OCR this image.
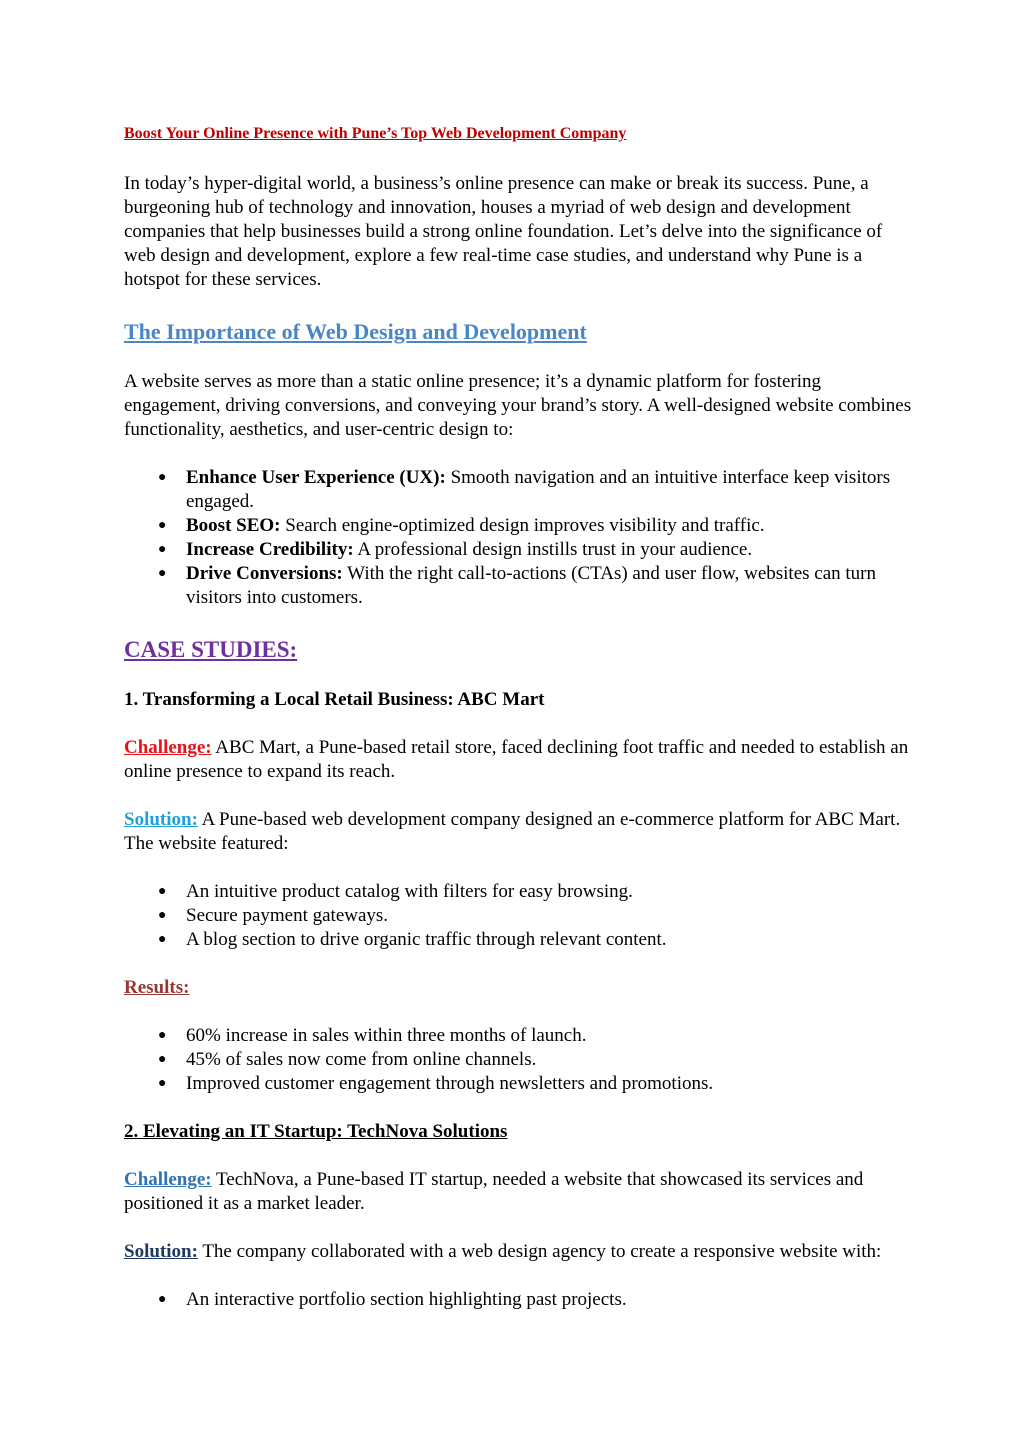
Boost Your Online Presence with Pune’s Top Web Development Company

In today’s hyper-digital world, a business’s online presence can make or break its success. Pune, a burgeoning hub of technology and innovation, houses a myriad of web design and development companies that help businesses build a strong online foundation. Let’s delve into the significance of web design and development, explore a few real-time case studies, and understand why Pune is a hotspot for these services.

The Importance of Web Design and Development

A website serves as more than a static online presence; it’s a dynamic platform for fostering engagement, driving conversions, and conveying your brand’s story. A well-designed website combines functionality, aesthetics, and user-centric design to:

● Enhance User Experience (UX): Smooth navigation and an intuitive interface keep visitors engaged.
● Boost SEO: Search engine-optimized design improves visibility and traffic.
● Increase Credibility: A professional design instills trust in your audience.
● Drive Conversions: With the right call-to-actions (CTAs) and user flow, websites can turn visitors into customers.
CASE STUDIES:
1. Transforming a Local Retail Business: ABC Mart

Challenge: ABC Mart, a Pune-based retail store, faced declining foot traffic and needed to establish an online presence to expand its reach.

Solution: A Pune-based web development company designed an e-commerce platform for ABC Mart. The website featured:

● An intuitive product catalog with filters for easy browsing.
● Secure payment gateways.
● A blog section to drive organic traffic through relevant content.
Results:
● 60% increase in sales within three months of launch.
● 45% of sales now come from online channels.
● Improved customer engagement through newsletters and promotions.
2. Elevating an IT Startup: TechNova Solutions

Challenge: TechNova, a Pune-based IT startup, needed a website that showcased its services and positioned it as a market leader.

Solution: The company collaborated with a web design agency to create a responsive website with:

● An interactive portfolio section highlighting past projects.
